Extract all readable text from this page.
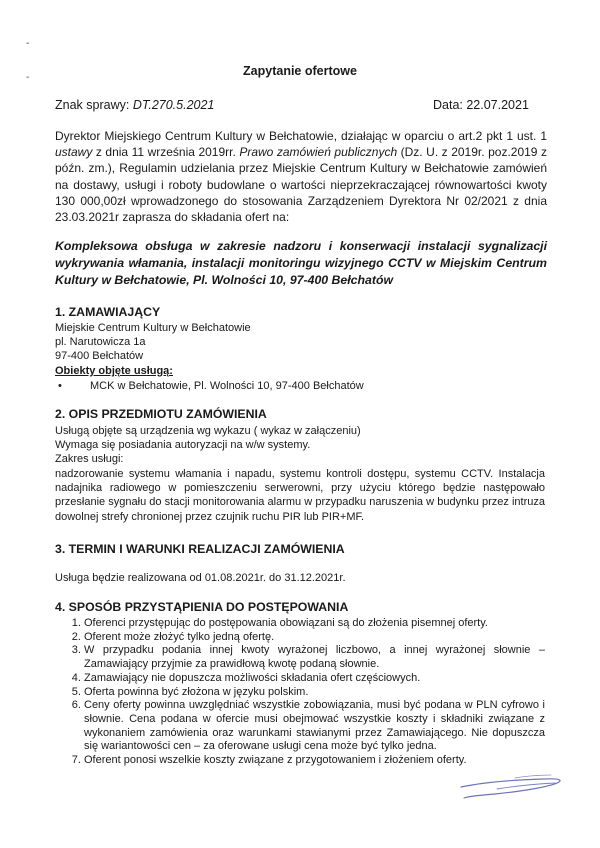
-
-	Zapytanie ofertowe
Znak sprawy: DT.270.5.2021	Data: 22.07.2021
Dyrektor Miejskiego Centrum Kultury w Bełchatowie, działając w oparciu o art.2 pkt 1 ust. 1 ustawy z dnia 11 września 2019rr. Prawo zamówień publicznych (Dz. U. z 2019r. poz.2019 z późn. zm.), Regulamin udzielania przez Miejskie Centrum Kultury w Bełchatowie zamówień na dostawy, usługi i roboty budowlane o wartości nieprzekraczającej równowartości kwoty 130 000,00zł wprowadzonego do stosowania Zarządzeniem Dyrektora Nr 02/2021 z dnia 23.03.2021r zaprasza do składania ofert na:
Kompleksowa obsługa w zakresie nadzoru i konserwacji instalacji sygnalizacji wykrywania włamania, instalacji monitoringu wizyjnego CCTV w Miejskim Centrum Kultury w Bełchatowie, Pl. Wolności 10, 97-400 Bełchatów
1. ZAMAWIAJĄCY
Miejskie Centrum Kultury w Bełchatowie
pl. Narutowicza 1a
97-400 Bełchatów
Obiekty objęte usługą:
•	MCK w Bełchatowie, Pl. Wolności 10, 97-400 Bełchatów
2. OPIS PRZEDMIOTU ZAMÓWIENIA
Usługą objęte są urządzenia wg wykazu ( wykaz w załączeniu)
Wymaga się posiadania autoryzacji na w/w systemy.
Zakres usługi:
nadzorowanie systemu włamania i napadu, systemu kontroli dostępu, systemu CCTV. Instalacja nadajnika radiowego w pomieszczeniu serwerowni, przy użyciu którego będzie następowało przesłanie sygnału do stacji monitorowania alarmu w przypadku naruszenia w budynku przez intruza dowolnej strefy chronionej przez czujnik ruchu PIR lub PIR+MF.
3. TERMIN I WARUNKI REALIZACJI ZAMÓWIENIA
Usługa będzie realizowana od 01.08.2021r. do 31.12.2021r.
4. SPOSÓB PRZYSTĄPIENIA DO POSTĘPOWANIA
1. Oferenci przystępując do postępowania obowiązani są do złożenia pisemnej oferty.
2. Oferent może złożyć tylko jedną ofertę.
3. W przypadku podania innej kwoty wyrażonej liczbowo, a innej wyrażonej słownie – Zamawiający przyjmie za prawidłową kwotę podaną słownie.
4. Zamawiający nie dopuszcza możliwości składania ofert częściowych.
5. Oferta powinna być złożona w języku polskim.
6. Ceny oferty powinna uwzględniać wszystkie zobowiązania, musi być podana w PLN cyfrowo i słownie. Cena podana w ofercie musi obejmować wszystkie koszty i składniki związane z wykonaniem zamówienia oraz warunkami stawianymi przez Zamawiającego. Nie dopuszcza się wariantowości cen – za oferowane usługi cena może być tylko jedna.
7. Oferent ponosi wszelkie koszty związane z przygotowaniem i złożeniem oferty.
